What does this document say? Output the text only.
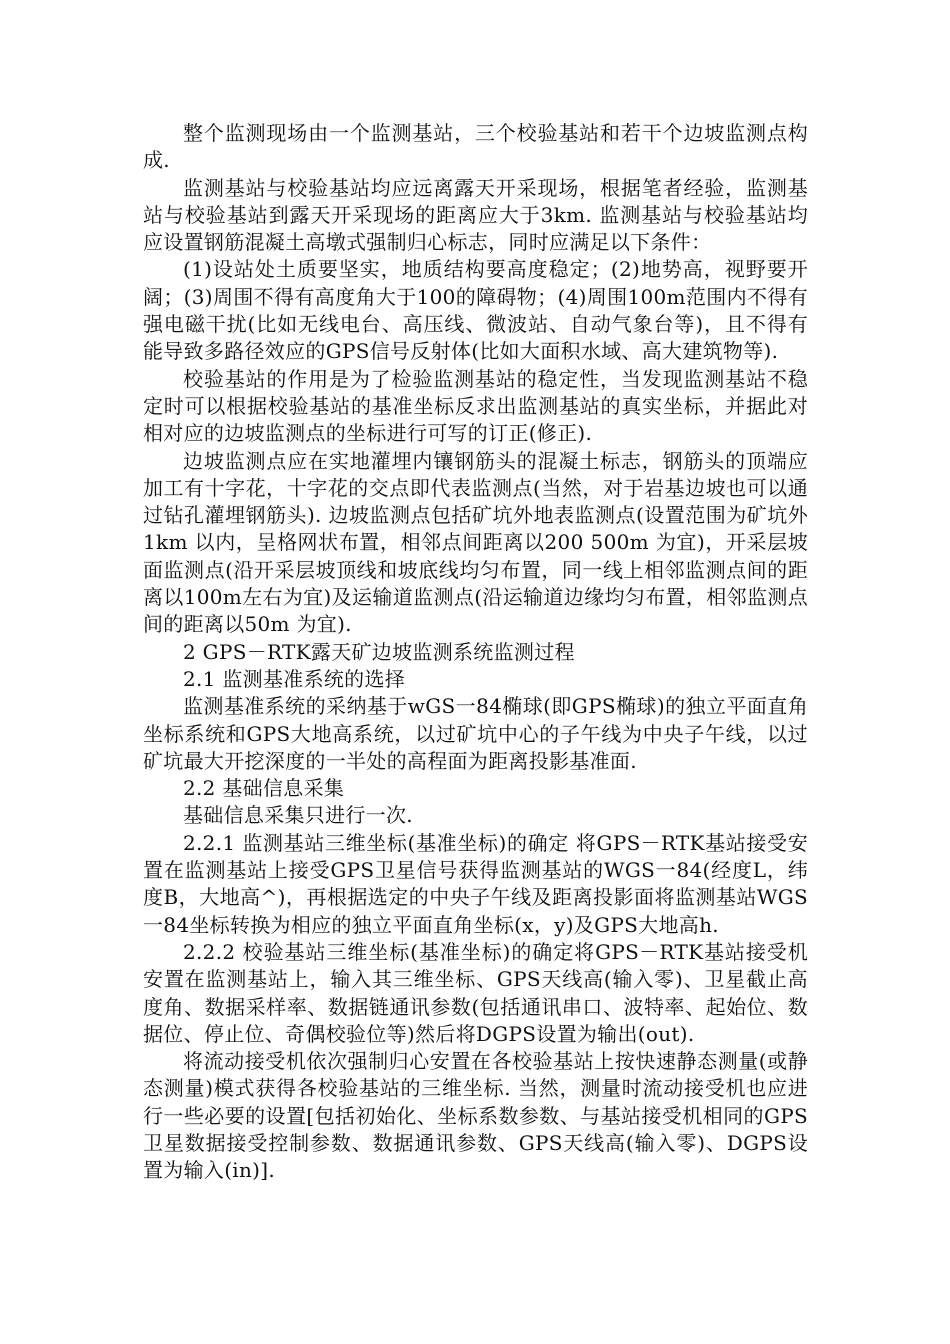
整个监测现场由一个监测基站，三个校验基站和若干个边坡监测点构成.

监测基站与校验基站均应远离露天开采现场，根据笔者经验，监测基站与校验基站到露天开采现场的距离应大于3km. 监测基站与校验基站均应设置钢筋混凝土高墩式强制归心标志，同时应满足以下条件：

(1)设站处土质要坚实，地质结构要高度稳定；(2)地势高，视野要开阔；(3)周围不得有高度角大于100的障碍物；(4)周围100m范围内不得有强电磁干扰(比如无线电台、高压线、微波站、自动气象台等)，且不得有能导致多路径效应的GPS信号反射体(比如大面积水域、高大建筑物等).

校验基站的作用是为了检验监测基站的稳定性，当发现监测基站不稳定时可以根据校验基站的基准坐标反求出监测基站的真实坐标，并据此对相对应的边坡监测点的坐标进行可写的订正(修正).

边坡监测点应在实地灌埋内镶钢筋头的混凝土标志，钢筋头的顶端应加工有十字花，十字花的交点即代表监测点(当然，对于岩基边坡也可以通过钻孔灌埋钢筋头). 边坡监测点包括矿坑外地表监测点(设置范围为矿坑外1km 以内，呈格网状布置，相邻点间距离以200 500m 为宜)，开采层坡面监测点(沿开采层坡顶线和坡底线均匀布置，同一线上相邻监测点间的距离以100m左右为宜)及运输道监测点(沿运输道边缘均匀布置，相邻监测点间的距离以50m 为宜).

2 GPS－RTK露天矿边坡监测系统监测过程

2.1 监测基准系统的选择

监测基准系统的采纳基于wGS一84椭球(即GPS椭球)的独立平面直角坐标系统和GPS大地高系统，以过矿坑中心的子午线为中央子午线，以过矿坑最大开挖深度的一半处的高程面为距离投影基准面.

2.2 基础信息采集

基础信息采集只进行一次.

2.2.1 监测基站三维坐标(基准坐标)的确定 将GPS－RTK基站接受安置在监测基站上接受GPS卫星信号获得监测基站的WGS一84(经度L，纬度B，大地高^)，再根据选定的中央子午线及距离投影面将监测基站WGS一84坐标转换为相应的独立平面直角坐标(x，y)及GPS大地高h.

2.2.2 校验基站三维坐标(基准坐标)的确定将GPS－RTK基站接受机安置在监测基站上，输入其三维坐标、GPS天线高(输入零)、卫星截止高度角、数据采样率、数据链通讯参数(包括通讯串口、波特率、起始位、数据位、停止位、奇偶校验位等)然后将DGPS设置为输出(out).

将流动接受机依次强制归心安置在各校验基站上按快速静态测量(或静态测量)模式获得各校验基站的三维坐标. 当然，测量时流动接受机也应进行一些必要的设置[包括初始化、坐标系数参数、与基站接受机相同的GPS卫星数据接受控制参数、数据通讯参数、GPS天线高(输入零)、DGPS设置为输入(in)].
